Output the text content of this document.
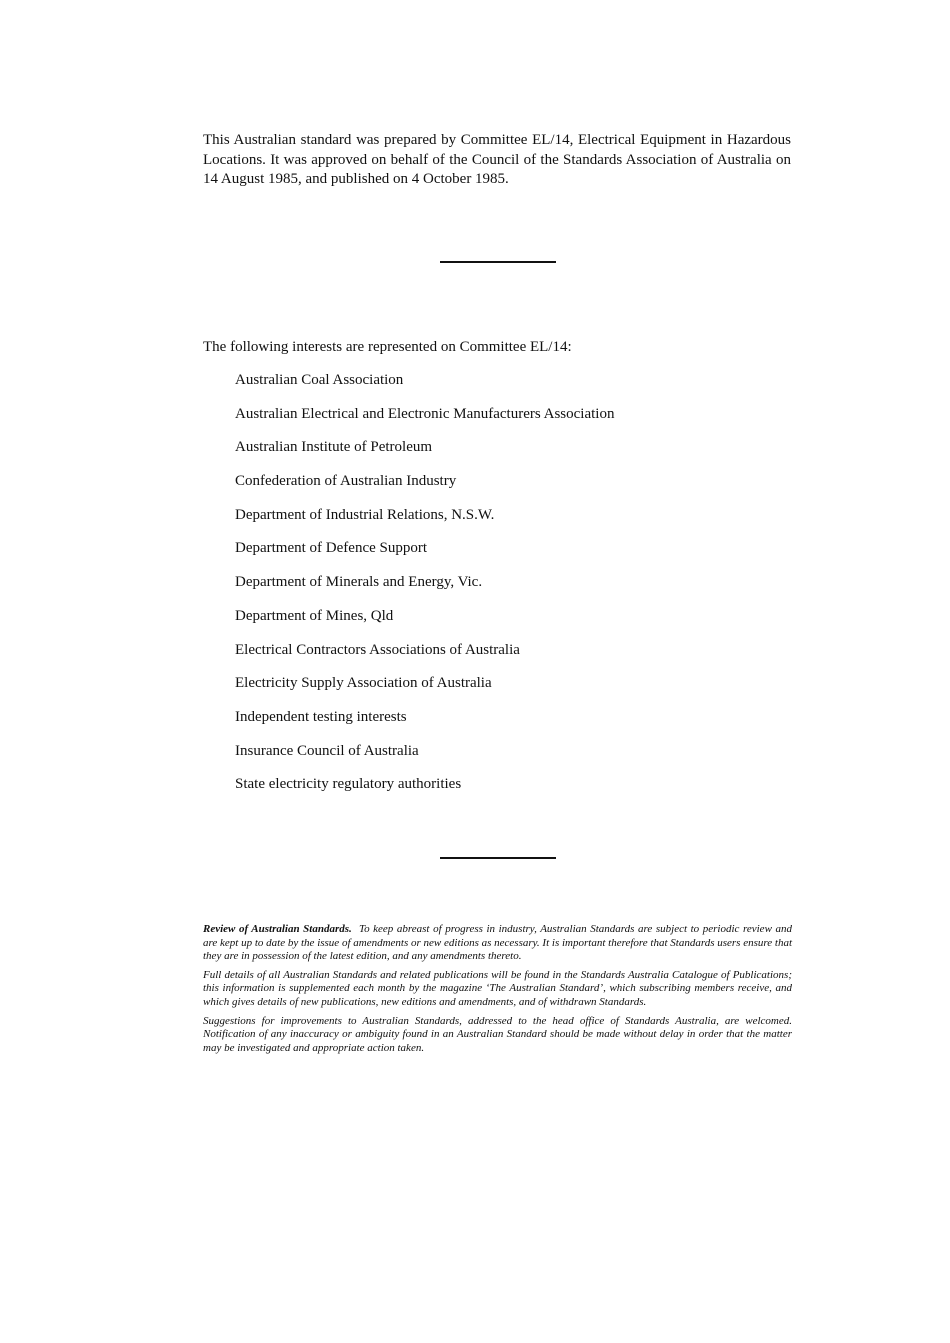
This Australian standard was prepared by Committee EL/14, Electrical Equipment in Hazardous Locations. It was approved on behalf of the Council of the Standards Association of Australia on 14 August 1985, and published on 4 October 1985.

The following interests are represented on Committee EL/14:

Australian Coal Association
Australian Electrical and Electronic Manufacturers Association
Australian Institute of Petroleum
Confederation of Australian Industry
Department of Industrial Relations, N.S.W.
Department of Defence Support
Department of Minerals and Energy, Vic.
Department of Mines, Qld
Electrical Contractors Associations of Australia
Electricity Supply Association of Australia
Independent testing interests
Insurance Council of Australia
State electricity regulatory authorities

Review of Australian Standards. To keep abreast of progress in industry, Australian Standards are subject to periodic review and are kept up to date by the issue of amendments or new editions as necessary. It is important therefore that Standards users ensure that they are in possession of the latest edition, and any amendments thereto.

Full details of all Australian Standards and related publications will be found in the Standards Australia Catalogue of Publications; this information is supplemented each month by the magazine ‘The Australian Standard’, which subscribing members receive, and which gives details of new publications, new editions and amendments, and of withdrawn Standards.

Suggestions for improvements to Australian Standards, addressed to the head office of Standards Australia, are welcomed. Notification of any inaccuracy or ambiguity found in an Australian Standard should be made without delay in order that the matter may be investigated and appropriate action taken.
